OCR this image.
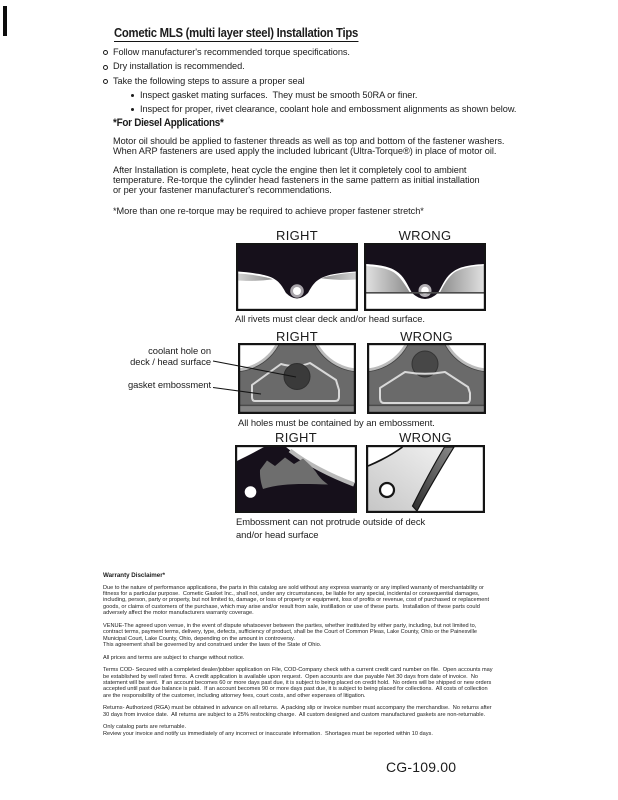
Cometic MLS (multi layer steel) Installation Tips
Follow manufacturer's recommended torque specifications.
Dry installation is recommended.
Take the following steps to assure a proper seal
Inspect gasket mating surfaces.  They must be smooth 50RA or finer.
Inspect for proper, rivet clearance, coolant hole and embossment alignments as shown below.
*For Diesel Applications*
Motor oil should be applied to fastener threads as well as top and bottom of the fastener washers.
When ARP fasteners are used apply the included lubricant (Ultra-Torque®) in place of motor oil.
After Installation is complete, heat cycle the engine then let it completely cool to ambient
temperature. Re-torque the cylinder head fasteners in the same pattern as initial installation
or per your fastener manufacturer's recommendations.
*More than one re-torque may be required to achieve proper fastener stretch*
RIGHT	WRONG
All rivets must clear deck and/or head surface.
RIGHT	WRONG
coolant hole on
deck / head surface
gasket embossment
All holes must be contained by an embossment.
RIGHT	WRONG
Embossment can not protrude outside of deck
and/or head surface
Warranty Disclaimer*
Due to the nature of performance applications, the parts in this catalog are sold without any express warranty or any implied warranty of merchantability or
fitness for a particular purpose.  Cometic Gasket Inc., shall not, under any circumstances, be liable for any special, incidental or consequential damages,
including, person, party or property, but not limited to, damage, or loss of property or equipment, loss of profits or revenue, cost of purchased or replacement
goods, or claims of customers of the purchase, which may arise and/or result from sale, instillation or use of these parts.  Installation of these parts could
adversely affect the motor manufacturers warranty coverage.
VENUE-The agreed upon venue, in the event of dispute whatsoever between the parties, whether instituted by either party, including, but not limited to,
contract terms, payment terms, delivery, type, defects, sufficiency of product, shall be the Court of Common Pleas, Lake County, Ohio or the Painesville
Municipal Court, Lake County, Ohio, depending on the amount in controversy.
This agreement shall be governed by and construed under the laws of the State of Ohio.
All prices and terms are subject to change without notice.
Terms COD- Secured with a completed dealer/jobber application on File, COD-Company check with a current credit card number on file.  Open accounts may
be established by well rated firms.  A credit application is available upon request.  Open accounts are due payable Net 30 days from date of invoice.  No
statement will be sent.  If an account becomes 60 or more days past due, it is subject to being placed on credit hold.  No orders will be shipped or new orders
accepted until past due balance is paid.  If an account becomes 90 or more days past due, it is subject to being placed for collections.  All costs of collection
are the responsibility of the customer, including attorney fees, court costs, and other expenses of litigation.
Returns- Authorized (RGA) must be obtained in advance on all returns.  A packing slip or invoice number must accompany the merchandise.  No returns after
30 days from invoice date.  All returns are subject to a 25% restocking charge.  All custom designed and custom manufactured gaskets are non-returnable.
Only catalog parts are returnable.
Review your invoice and notify us immediately of any incorrect or inaccurate information.  Shortages must be reported within 10 days.
CG-109.00
